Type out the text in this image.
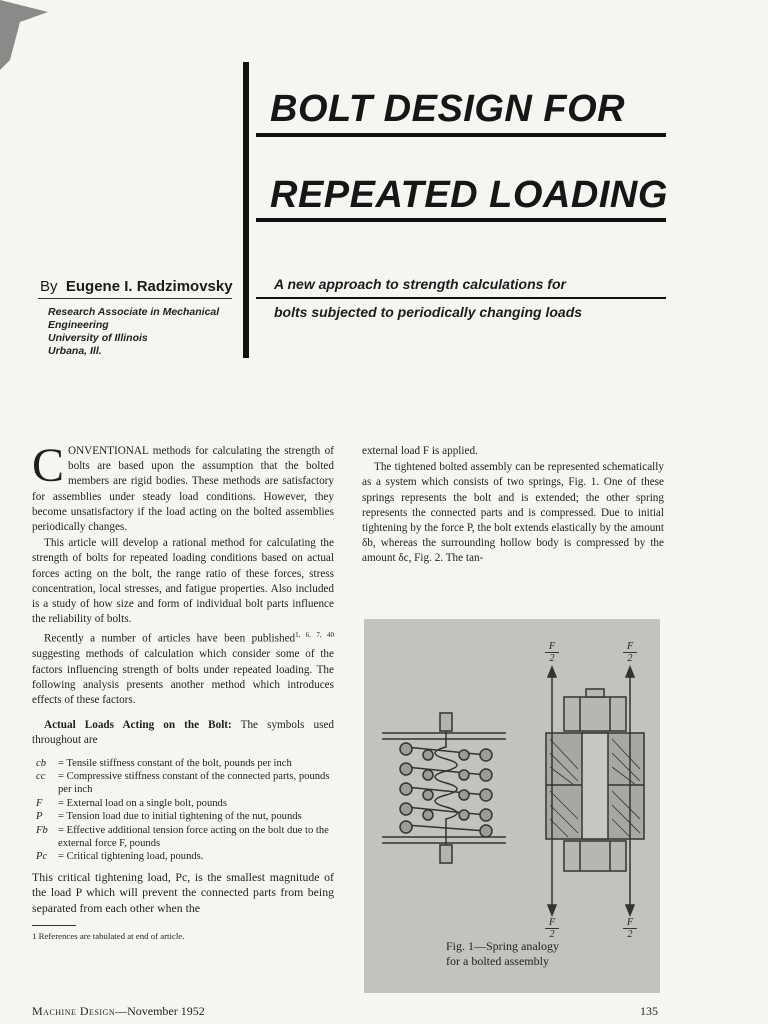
BOLT DESIGN FOR
REPEATED LOADING
By Eugene I. Radzimovsky
Research Associate in Mechanical
Engineering
University of Illinois
Urbana, Ill.
A new approach to strength calculations for
bolts subjected to periodically changing loads

CONVENTIONAL methods for calculating the strength of bolts are based upon the assumption that the bolted members are rigid bodies. These methods are satisfactory for assemblies under steady load conditions. However, they become unsatisfactory if the load acting on the bolted assemblies periodically changes.

This article will develop a rational method for calculating the strength of bolts for repeated loading conditions based on actual forces acting on the bolt, the range ratio of these forces, stress concentration, local stresses, and fatigue properties. Also included is a study of how size and form of individual bolt parts influence the reliability of bolts.

Recently a number of articles have been published$^{1, 6, 7, 40}$ suggesting methods of calculation which consider some of the factors influencing strength of bolts under repeated loading. The following analysis presents another method which introduces effects of these factors.

Actual Loads Acting on the Bolt: The symbols used throughout are

cb	= Tensile stiffness constant of the bolt, pounds per inch
cc	= Compressive stiffness constant of the connected parts, pounds per inch
F	= External load on a single bolt, pounds
P	= Tension load due to initial tightening of the nut, pounds
Fb = Effective additional tension force acting on the bolt due to the external force F, pounds
Pc	= Critical tightening load, pounds.

This critical tightening load, Pc, is the smallest magnitude of the load P which will prevent the connected parts from being separated from each other when the

1 References are tabulated at end of article.

external load F is applied.

The tightened bolted assembly can be represented schematically as a system which consists of two springs, Fig. 1. One of these springs represents the bolt and is extended; the other spring represents the connected parts and is compressed. Due to initial tightening by the force P, the bolt extends elastically by the amount δb, whereas the surrounding hollow body is compressed by the amount δc, Fig. 2. The tan-

$\frac{F}{2}$	$\frac{F}{2}$
$\frac{F}{2}$	$\frac{F}{2}$
Fig. 1—Spring analogy
for a bolted assembly
Machine Design—November 1952	135
